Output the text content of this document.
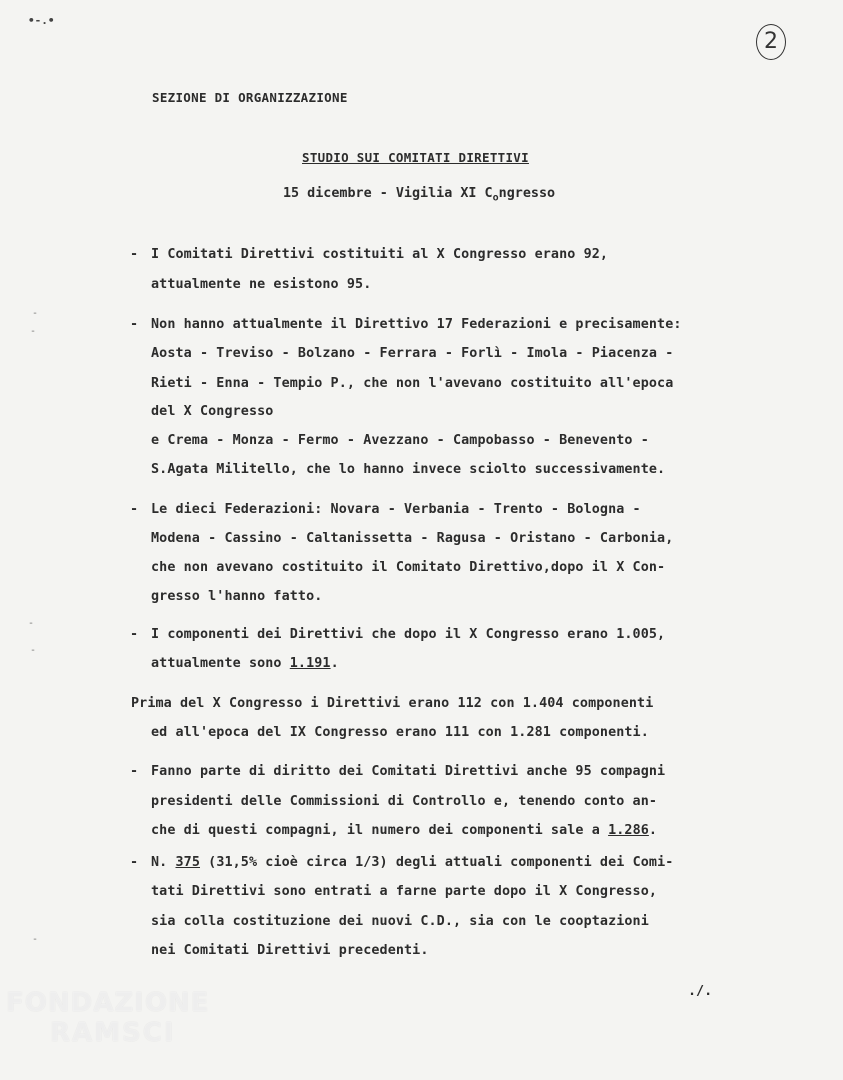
•-.•
2
-
-
-
-
-
SEZIONE DI ORGANIZZAZIONE
STUDIO SUI COMITATI DIRETTIVI
15 dicembre - Vigilia XI $C_ongresso$
- I Comitati Direttivi costituiti al X Congresso erano 92,
attualmente ne esistono 95.
- Non hanno attualmente il Direttivo 17 Federazioni e precisamente:
Aosta - Treviso - Bolzano - Ferrara - Forlì - Imola - Piacenza -
Rieti - Enna - Tempio P., che non l'avevano costituito all'epoca
del X Congresso
e Crema - Monza - Fermo - Avezzano - Campobasso - Benevento -
S.Agata Militello, che lo hanno invece sciolto successivamente.
- Le dieci Federazioni: Novara - Verbania - Trento - Bologna -
Modena - Cassino - Caltanissetta - Ragusa - Oristano - Carbonia,
che non avevano costituito il Comitato Direttivo,dopo il X Con-
gresso l'hanno fatto.
- I componenti dei Direttivi che dopo il X Congresso erano 1.005,
attualmente sono 1.191.
Prima del X Congresso i Direttivi erano 112 con 1.404 componenti
ed all'epoca del IX Congresso erano 111 con 1.281 componenti.
- Fanno parte di diritto dei Comitati Direttivi anche 95 compagni
presidenti delle Commissioni di Controllo e, tenendo conto an-
che di questi compagni, il numero dei componenti sale a 1.286.
- N. 375 (31,5% cioè circa 1/3) degli attuali componenti dei Comi-
tati Direttivi sono entrati a farne parte dopo il X Congresso,
sia colla costituzione dei nuovi C.D., sia con le cooptazioni
nei Comitati Direttivi precedenti.
./.
FONDAZIONE
RAMSCI
